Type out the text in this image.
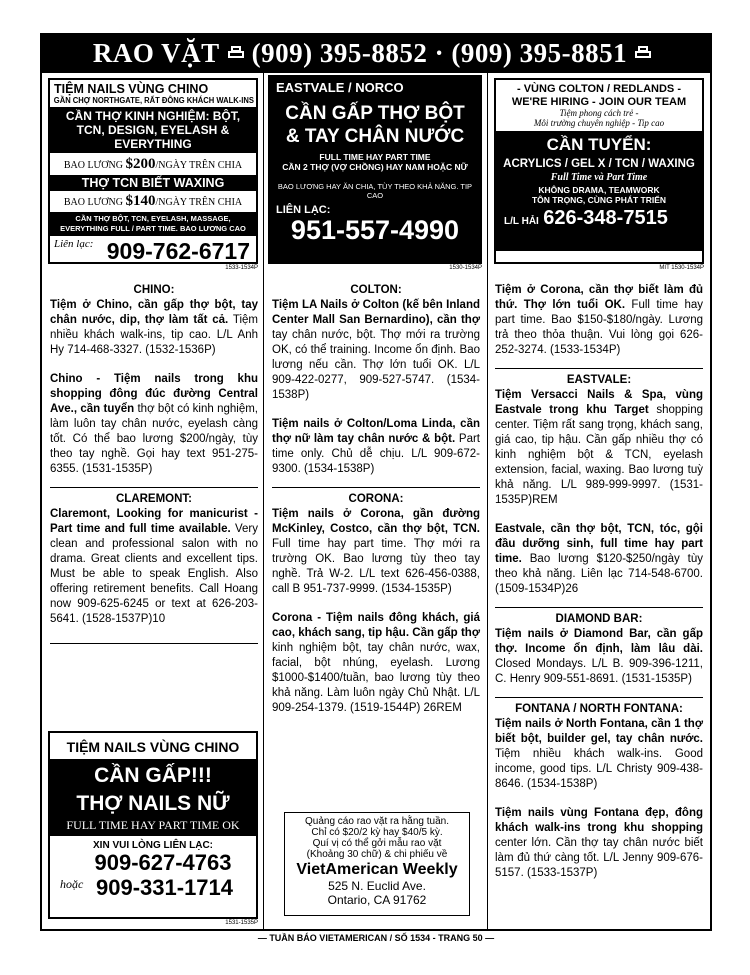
RAO VẶT (909) 395-8852 · (909) 395-8851
TIỆM NAILS VÙNG CHINO
GẦN CHỢ NORTHGATE, RẤT ĐÔNG KHÁCH WALK-INS
CẦN THỢ KINH NGHIỆM: BỘT, TCN, DESIGN, EYELASH & EVERYTHING
BAO LƯƠNG $200/NGÀY TRÊN CHIA
THỢ TCN BIẾT WAXING
BAO LƯƠNG $140/NGÀY TRÊN CHIA
CẦN THỢ BỘT, TCN, EYELASH, MASSAGE, EVERYTHING FULL / PART TIME. BAO LƯƠNG CAO
Liên lạc: 909-762-6717
1533-1534P
EASTVALE / NORCO
CẦN GẤP THỢ BỘT & TAY CHÂN NƯỚC
FULL TIME HAY PART TIME
CẦN 2 THỢ (VỢ CHỒNG) HAY NAM HOẶC NỮ
BAO LƯƠNG HAY ĂN CHIA, TÙY THEO KHẢ NĂNG. TIP CAO
LIÊN LẠC:
951-557-4990
1530-1534P
- VÙNG COLTON / REDLANDS -
WE'RE HIRING - JOIN OUR TEAM
Tiệm phong cách trẻ -
Môi trường chuyên nghiệp - Tip cao
CẦN TUYỂN:
ACRYLICS / GEL X / TCN / WAXING
Full Time và Part Time
KHÔNG DRAMA, TEAMWORK
TÔN TRỌNG, CÙNG PHÁT TRIỂN
L/L HẢI 626-348-7515
MIT 1530-1534P
CHINO:

Tiệm ở Chino, cần gấp thợ bột, tay chân nước, dip, thợ làm tất cả. Tiệm nhiều khách walk-ins, tip cao. L/L Anh Hy 714-468-3327. (1532-1536P)

Chino - Tiệm nails trong khu shopping đông đúc đường Central Ave., cần tuyển thợ bột có kinh nghiệm, làm luôn tay chân nước, eyelash càng tốt. Có thể bao lương $200/ngày, tùy theo tay nghề. Gọi hay text 951-275-6355. (1531-1535P)

CLAREMONT:

Claremont, Looking for manicurist - Part time and full time available. Very clean and professional salon with no drama. Great clients and excellent tips. Must be able to speak English. Also offering retirement benefits. Call Hoang now 909-625-6245 or text at 626-203-5641. (1528-1537P)10

COLTON:

Tiệm LA Nails ở Colton (kế bên Inland Center Mall San Bernardino), cần thợ tay chân nước, bột. Thợ mới ra trường OK, có thể training. Income ổn định. Bao lương nếu cần. Thợ lớn tuổi OK. L/L 909-422-0277, 909-527-5747. (1534-1538P)

Tiệm nails ở Colton/Loma Linda, cần thợ nữ làm tay chân nước & bột. Part time only. Chủ dễ chịu. L/L 909-672-9300. (1534-1538P)

CORONA:

Tiệm nails ở Corona, gần đường McKinley, Costco, cần thợ bột, TCN. Full time hay part time. Thợ mới ra trường OK. Bao lương tùy theo tay nghề. Trả W-2. L/L text 626-456-0388, call B 951-737-9999. (1534-1535P)

Corona - Tiệm nails đông khách, giá cao, khách sang, tip hậu. Cần gấp thợ kinh nghiệm bột, tay chân nước, wax, facial, bột nhúng, eyelash. Lương $1000-$1400/tuần, bao lương tùy theo khả năng. Làm luôn ngày Chủ Nhật. L/L 909-254-1379. (1519-1544P) 26REM

Tiệm ở Corona, cần thợ biết làm đủ thứ. Thợ lớn tuổi OK. Full time hay part time. Bao $150-$180/ngày. Lương trả theo thỏa thuận. Vui lòng gọi 626-252-3274. (1533-1534P)

EASTVALE:

Tiệm Versacci Nails & Spa, vùng Eastvale trong khu Target shopping center. Tiệm rất sang trọng, khách sang, giá cao, tip hậu. Cần gấp nhiều thợ có kinh nghiệm bột & TCN, eyelash extension, facial, waxing. Bao lương tuỳ khả năng. L/L 989-999-9997. (1531-1535P)REM

Eastvale, cần thợ bột, TCN, tóc, gội đầu dưỡng sinh, full time hay part time. Bao lương $120-$250/ngày tùy theo khả năng. Liên lạc 714-548-6700. (1509-1534P)26

DIAMOND BAR:

Tiệm nails ở Diamond Bar, cần gấp thợ. Income ổn định, làm lâu dài. Closed Mondays. L/L B. 909-396-1211, C. Henry 909-551-8691. (1531-1535P)

FONTANA / NORTH FONTANA:

Tiệm nails ở North Fontana, cần 1 thợ biết bột, builder gel, tay chân nước. Tiệm nhiều khách walk-ins. Good income, good tips. L/L Christy 909-438-8646. (1534-1538P)

Tiệm nails vùng Fontana đẹp, đông khách walk-ins trong khu shopping center lớn. Cần thợ tay chân nước biết làm đủ thứ càng tốt. L/L Jenny 909-676-5157. (1533-1537P)

TIỆM NAILS VÙNG CHINO
CẦN GẤP!!!
THỢ NAILS NỮ
FULL TIME HAY PART TIME OK
XIN VUI LÒNG LIÊN LẠC:
909-627-4763
hoặc 909-331-1714
1531-1535P
Quảng cáo rao vặt ra hằng tuần.
Chỉ có $20/2 kỳ hay $40/5 kỳ.
Quí vị có thể gởi mẫu rao vặt
(Khoảng 30 chữ) & chi phiếu về
VietAmerican Weekly
525 N. Euclid Ave.
Ontario, CA 91762
— TUẦN BÁO VIETAMERICAN / SỐ 1534 - TRANG 50 —
